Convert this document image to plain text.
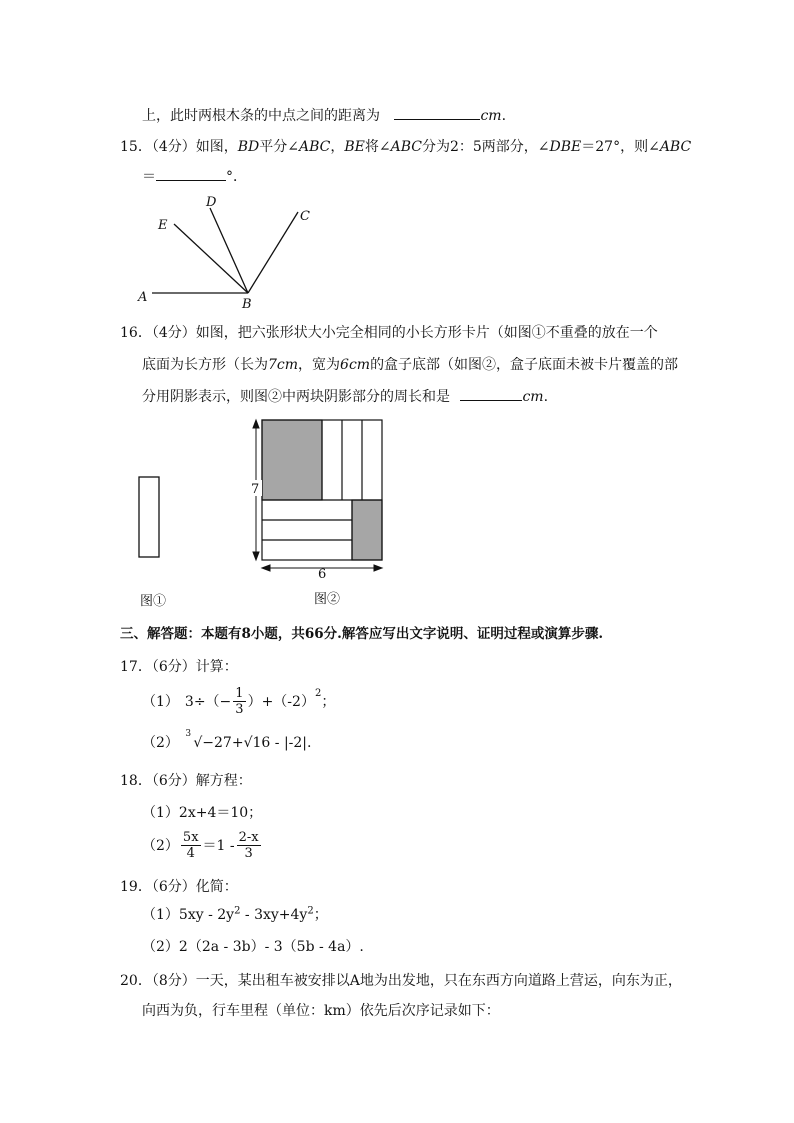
上，此时两根木条的中点之间的距离为	cm.
15．（4分）如图，BD平分∠ABC，BE将∠ABC分为2：5两部分，∠DBE＝27°，则∠ABC
＝	°．
D
E
C
A	B
16．（4分）如图，把六张形状大小完全相同的小长方形卡片（如图①不重叠的放在一个
底面为长方形（长为7cm，宽为6cm的盒子底部（如图②，盒子底面未被卡片覆盖的部
分用阴影表示，则图②中两块阴影部分的周长和是	cm.
图①
7
6
图②
三、解答题：本题有8小题，共66分.解答应写出文字说明、证明过程或演算步骤.
17．（6分）计算：
（1） $3\div(- \frac{1}{3} )+(-2)$
$^2$
；
（2）
3
√−27+√16 - |-2|.
18．（6分）解方程：
（1）2x+4＝10；
$(2) \frac{5x}{4} =1 - \frac{2-x}{3}$
19．（6分）化简：
$(1)5xy - 2y^2 - 3xy+4y^2$；
（2）2（2a - 3b）- 3（5b - 4a）.
20．（8分）一天，某出租车被安排以A地为出发地，只在东西方向道路上营运，向东为正，
向西为负，行车里程（单位：km）依先后次序记录如下：
